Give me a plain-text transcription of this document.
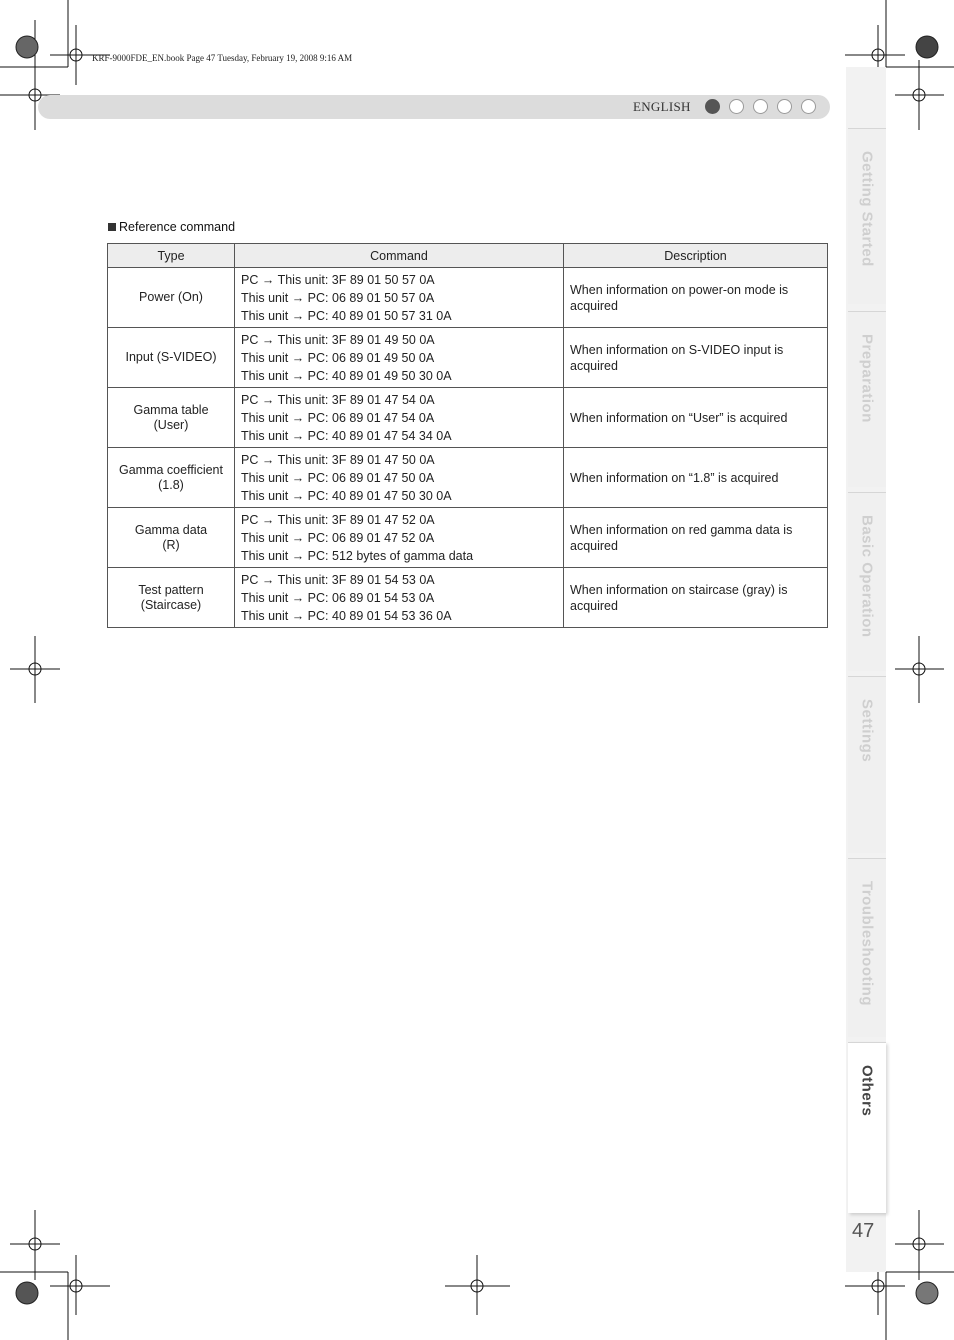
KRF-9000FDE_EN.book Page 47 Tuesday, February 19, 2008 9:16 AM
ENGLISH
Getting Started
Preparation
Basic Operation
Settings
Troubleshooting
Others
47
Reference command
Type	Command	Description

Power (On)	PC → This unit: 3F 89 01 50 57 0A
This unit → PC: 06 89 01 50 57 0A
This unit → PC: 40 89 01 50 57 31 0A	When information on power-on mode is acquired

Input (S-VIDEO)	PC → This unit: 3F 89 01 49 50 0A
This unit → PC: 06 89 01 49 50 0A
This unit → PC: 40 89 01 49 50 30 0A	When information on S-VIDEO input is acquired

Gamma table
(User)	PC → This unit: 3F 89 01 47 54 0A
This unit → PC: 06 89 01 47 54 0A
This unit → PC: 40 89 01 47 54 34 0A	When information on “User” is acquired

Gamma coefficient
(1.8)	PC → This unit: 3F 89 01 47 50 0A
This unit → PC: 06 89 01 47 50 0A
This unit → PC: 40 89 01 47 50 30 0A	When information on “1.8” is acquired

Gamma data
(R)	PC → This unit: 3F 89 01 47 52 0A
This unit → PC: 06 89 01 47 52 0A
This unit → PC: 512 bytes of gamma data	When information on red gamma data is acquired

Test pattern
(Staircase)	PC → This unit: 3F 89 01 54 53 0A
This unit → PC: 06 89 01 54 53 0A
This unit → PC: 40 89 01 54 53 36 0A	When information on staircase (gray) is acquired
